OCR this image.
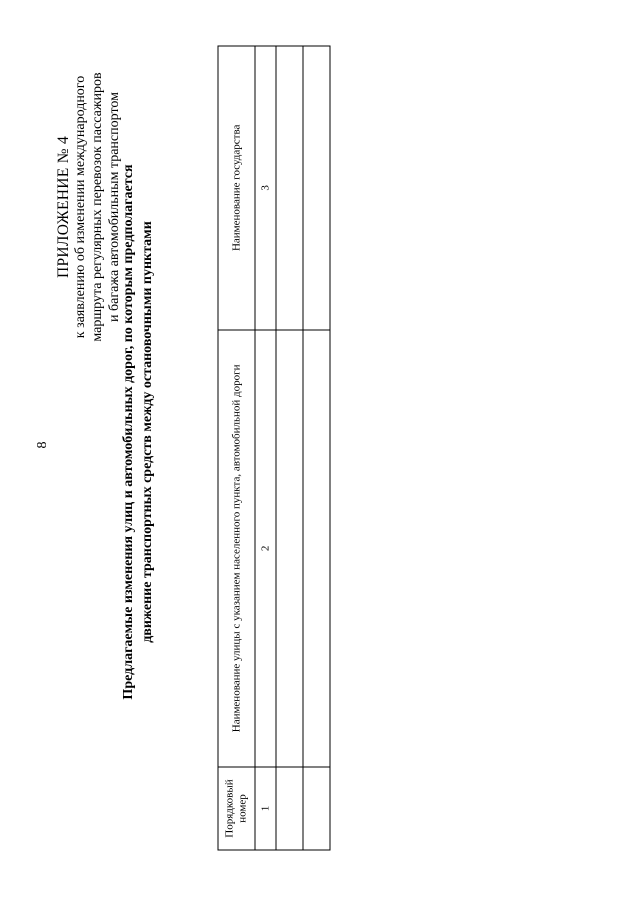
8
ПРИЛОЖЕНИЕ № 4 к заявлению об изменении международного маршрута регулярных перевозок пассажиров и багажа автомобильным транспортом Предлагаемые изменения улиц и автомобильных дорог, по которым предполагается движение транспортных средств между остановочными пунктами
Порядковый номер	Наименование улицы с указанием населенного пункта, автомобильной дороги	Наименование государства
1	2	3
